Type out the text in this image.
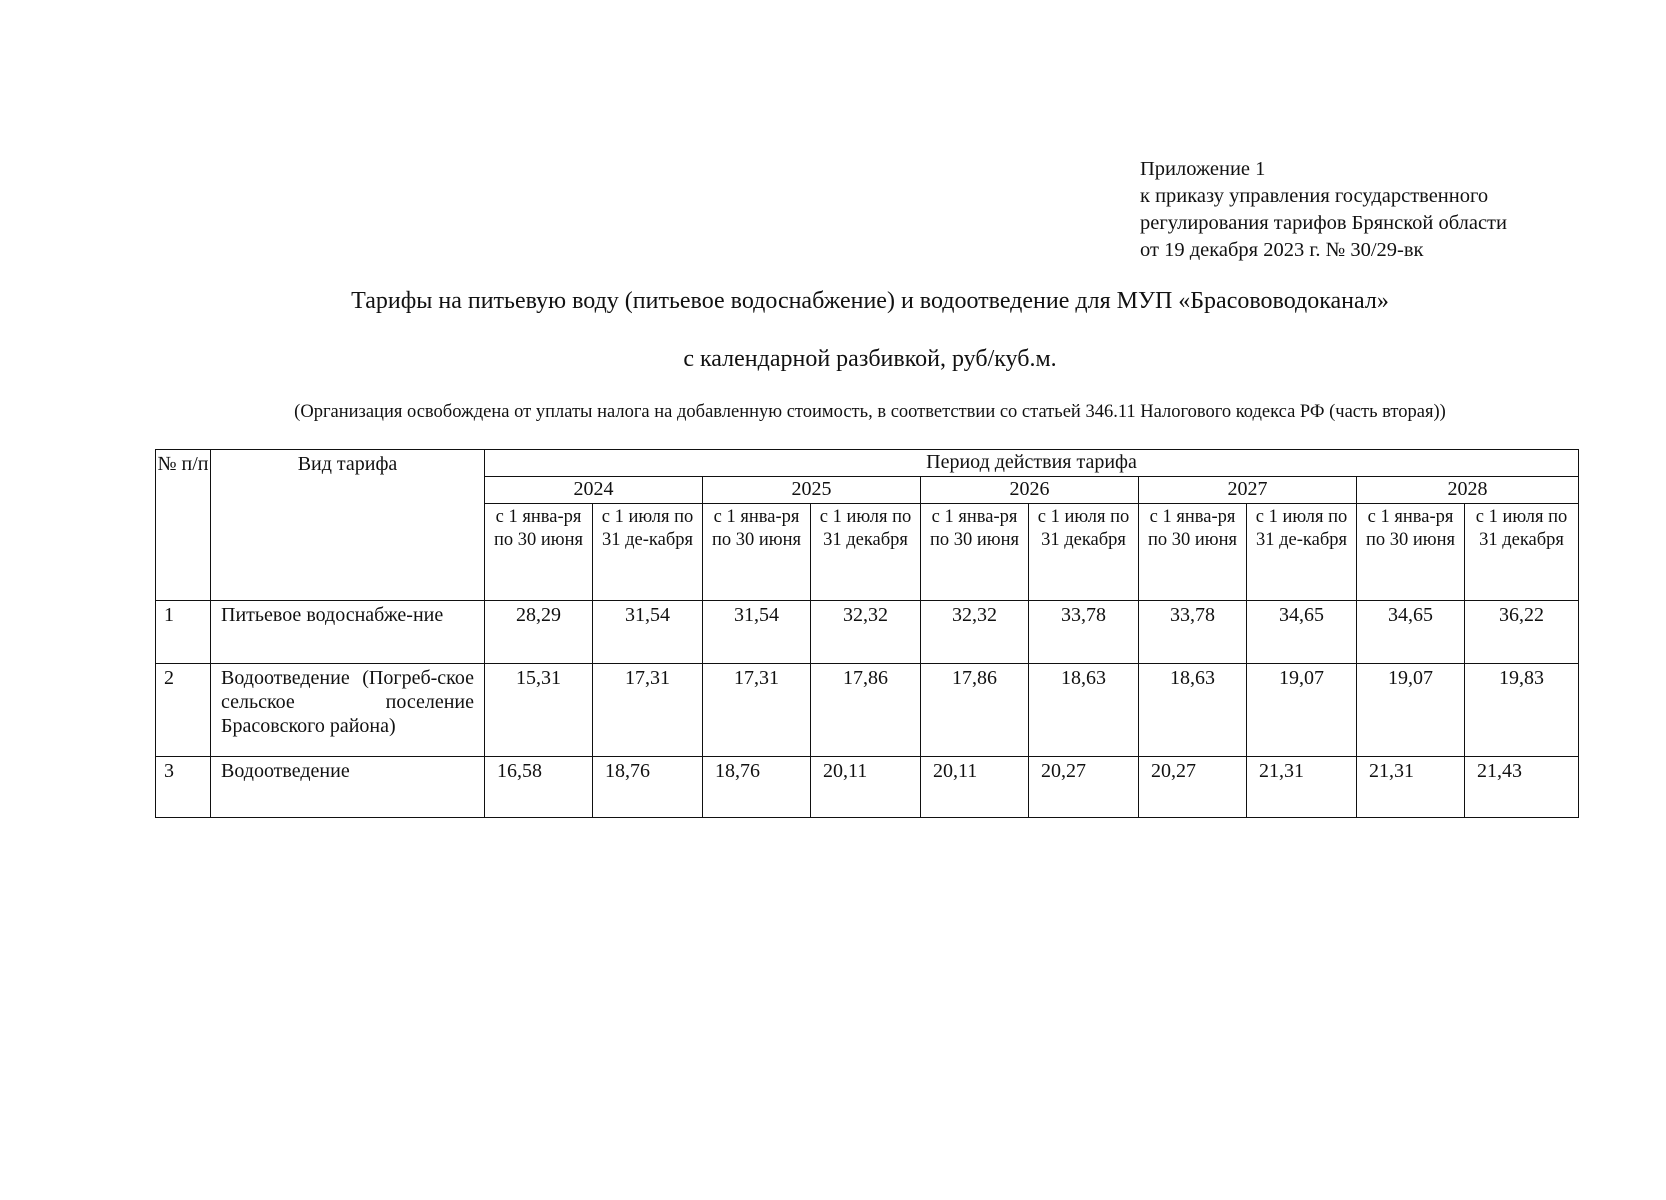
Приложение 1
к приказу управления государственного
регулирования тарифов Брянской области
от 19 декабря 2023 г. № 30/29-вк
Тарифы на питьевую воду (питьевое водоснабжение) и водоотведение для МУП «Брасововодоканал»
с календарной разбивкой, руб/куб.м.
(Организация освобождена от уплаты налога на добавленную стоимость, в соответствии со статьей 346.11 Налогового кодекса РФ (часть вторая))
№ п/п	Вид тарифа	Период действия тарифа									
		2024		2025		2026		2027		2028	
		с 1 янва-ря по 30 июня	с 1 июля по 31 де-кабря	с 1 янва-ря по 30 июня	с 1 июля по 31 декабря	с 1 янва-ря по 30 июня	с 1 июля по 31 декабря	с 1 янва-ря по 30 июня	с 1 июля по 31 де-кабря	с 1 янва-ря по 30 июня	с 1 июля по 31 декабря
1	Питьевое водоснабже-ние	28,29	31,54	31,54	32,32	32,32	33,78	33,78	34,65	34,65	36,22
2	Водоотведение (Погреб-ское сельское поселение Брасовского района)	15,31	17,31	17,31	17,86	17,86	18,63	18,63	19,07	19,07	19,83
3	Водоотведение	16,58	18,76	18,76	20,11	20,11	20,27	20,27	21,31	21,31	21,43
